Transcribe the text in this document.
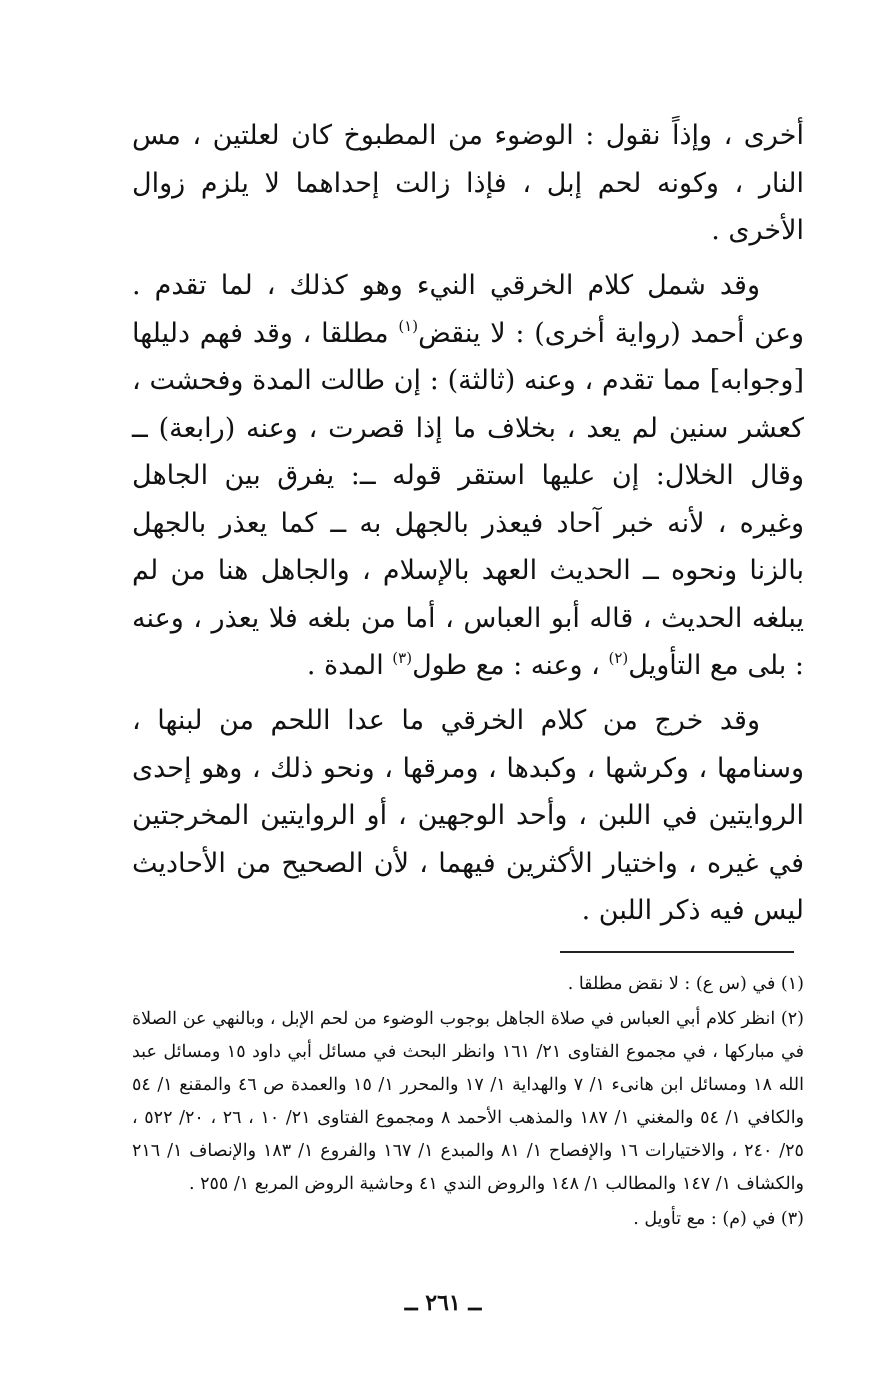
أخرى ، وإذاً نقول : الوضوء من المطبوخ كان لعلتين ، مس النار ، وكونه لحم إبل ، فإذا زالت إحداهما لا يلزم زوال الأخرى .
وقد شمل كلام الخرقي النيء وهو كذلك ، لما تقدم . وعن أحمد (رواية أخرى) : لا ينقض$^{(١)}$ مطلقا ، وقد فهم دليلها [وجوابه] مما تقدم ، وعنه (ثالثة) : إن طالت المدة وفحشت ، كعشر سنين لم يعد ، بخلاف ما إذا قصرت ، وعنه (رابعة) ــ وقال الخلال: إن عليها استقر قوله ــ: يفرق بين الجاهل وغيره ، لأنه خبر آحاد فيعذر بالجهل به ــ كما يعذر بالجهل بالزنا ونحوه ــ الحديث العهد بالإسلام ، والجاهل هنا من لم يبلغه الحديث ، قاله أبو العباس ، أما من بلغه فلا يعذر ، وعنه : بلى مع التأويل$^{(٢)}$ ، وعنه : مع طول$^{(٣)}$ المدة .
وقد خرج من كلام الخرقي ما عدا اللحم من لبنها ، وسنامها ، وكرشها ، وكبدها ، ومرقها ، ونحو ذلك ، وهو إحدى الروايتين في اللبن ، وأحد الوجهين ، أو الروايتين المخرجتين في غيره ، واختيار الأكثرين فيهما ، لأن الصحيح من الأحاديث ليس فيه ذكر اللبن .

(١) في (س ع) : لا نقض مطلقا .

(٢) انظر كلام أبي العباس في صلاة الجاهل بوجوب الوضوء من لحم الإبل ، وبالنهي عن الصلاة في مباركها ، في مجموع الفتاوى ٢١/ ١٦١ وانظر البحث في مسائل أبي داود ١٥ ومسائل عبد الله ١٨ ومسائل ابن هانىء ١/ ٧ والهداية ١/ ١٧ والمحرر ١/ ١٥ والعمدة ص ٤٦ والمقنع ١/ ٥٤ والكافي ١/ ٥٤ والمغني ١/ ١٨٧ والمذهب الأحمد ٨ ومجموع الفتاوى ٢١/ ١٠ ، ٢٦ ، ٢٠/ ٥٢٢ ، ٢٥/ ٢٤٠ ، والاختيارات ١٦ والإفصاح ١/ ٨١ والمبدع ١/ ١٦٧ والفروع ١/ ١٨٣ والإنصاف ١/ ٢١٦ والكشاف ١/ ١٤٧ والمطالب ١/ ١٤٨ والروض الندي ٤١ وحاشية الروض المربع ١/ ٢٥٥ .

(٣) في (م) : مع تأويل .

ــ ٢٦١ ــ
